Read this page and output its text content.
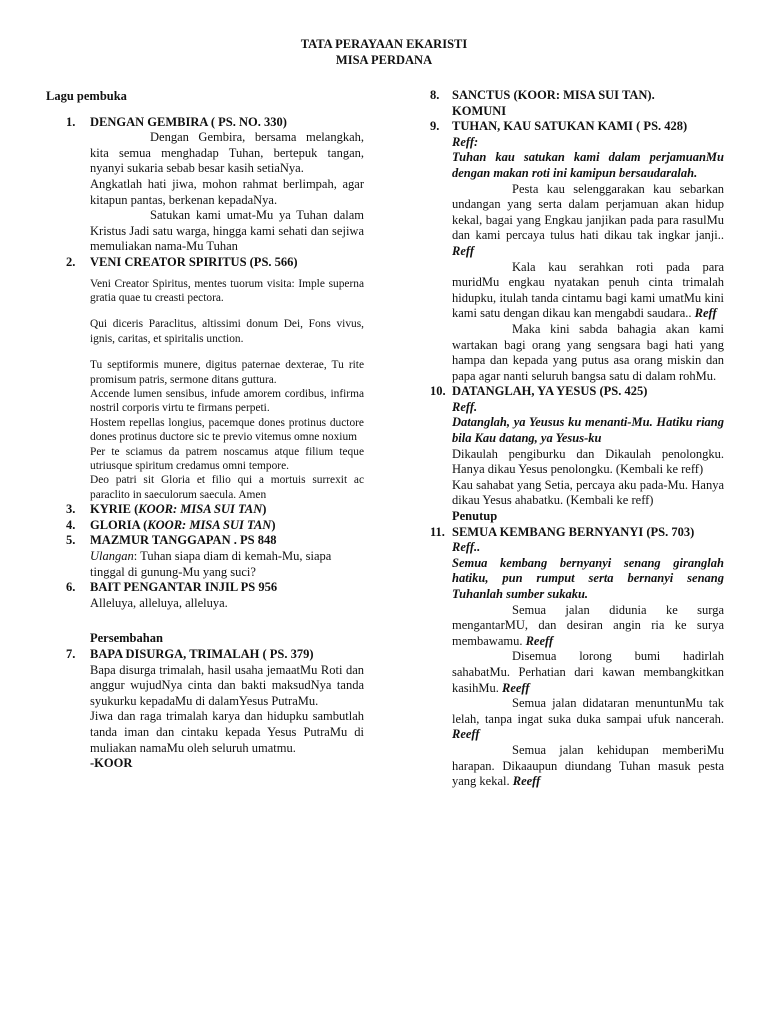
TATA PERAYAAN EKARISTI
MISA PERDANA
Lagu pembuka
1. DENGAN GEMBIRA ( PS. NO. 330)

Dengan Gembira, bersama melangkah, kita semua menghadap Tuhan, bertepuk tangan, nyanyi sukaria sebab besar kasih setiaNya.

Angkatlah hati jiwa, mohon rahmat berlimpah, agar kitapun pantas, berkenan kepadaNya.

Satukan kami umat-Mu ya Tuhan dalam Kristus Jadi satu warga, hingga kami sehati dan sejiwa memuliakan nama-Mu Tuhan

2. VENI CREATOR SPIRITUS (PS. 566)

Veni Creator Spiritus, mentes tuorum visita: Imple superna gratia quae tu creasti pectora.

Qui diceris Paraclitus, altissimi donum Dei, Fons vivus, ignis, caritas, et spiritalis unction.

Tu septiformis munere, digitus paternae dexterae, Tu rite promisum patris, sermone ditans guttura.

Accende lumen sensibus, infude amorem cordibus, infirma nostril corporis virtu te firmans perpeti.

Hostem repellas longius, pacemque dones protinus ductore dones protinus ductore sic te previo vitemus omne noxium

Per te sciamus da patrem noscamus atque filium teque utriusque spiritum credamus omni tempore.

Deo patri sit Gloria et filio qui a mortuis surrexit ac paraclito in saeculorum saecula. Amen

3. KYRIE (KOOR: MISA SUI TAN)
4. GLORIA (KOOR: MISA SUI TAN)
5. MAZMUR TANGGAPAN . PS 848
Ulangan: Tuhan siapa diam di kemah-Mu, siapa tinggal di gunung-Mu yang suci?
6. BAIT PENGANTAR INJIL PS 956
Alleluya, alleluya, alleluya.
Persembahan
7. BAPA DISURGA, TRIMALAH ( PS. 379)

Bapa disurga trimalah, hasil usaha jemaatMu Roti dan anggur wujudNya cinta dan bakti maksudNya tanda syukurku kepadaMu di dalamYesus PutraMu.

Jiwa dan raga trimalah karya dan hidupku sambutlah tanda iman dan cintaku kepada Yesus PutraMu di muliakan namaMu oleh seluruh umatmu.

-KOOR

8. SANCTUS (KOOR: MISA SUI TAN).
KOMUNI
9. TUHAN, KAU SATUKAN KAMI ( PS. 428)

Reff:

Tuhan kau satukan kami dalam perjamuanMu dengan makan roti ini kamipun bersaudaralah.

Pesta kau selenggarakan kau sebarkan undangan yang serta dalam perjamuan akan hidup kekal, bagai yang Engkau janjikan pada para rasulMu dan kami percaya tulus hati dikau tak ingkar janji.. Reff

Kala kau serahkan roti pada para muridMu engkau nyatakan penuh cinta trimalah hidupku, itulah tanda cintamu bagi kami umatMu kini kami satu dengan dikau kan mengabdi saudara.. Reff

Maka kini sabda bahagia akan kami wartakan bagi orang yang sengsara bagi hati yang hampa dan kepada yang putus asa orang miskin dan papa agar nanti seluruh bangsa satu di dalam rohMu.

10. DATANGLAH, YA YESUS (PS. 425)

Reff.

Datanglah, ya Yeusus ku menanti-Mu. Hatiku riang bila Kau datang, ya Yesus-ku

Dikaulah pengiburku dan Dikaulah penolongku. Hanya dikau Yesus penolongku. (Kembali ke reff)

Kau sahabat yang Setia, percaya aku pada-Mu. Hanya dikau Yesus ahabatku. (Kembali ke reff)

Penutup
11. SEMUA KEMBANG BERNYANYI (PS. 703)

Reff..

Semua kembang bernyanyi senang giranglah hatiku, pun rumput serta bernanyi senang Tuhanlah sumber sukaku.

Semua jalan didunia ke surga mengantarMU, dan desiran angin ria ke surya membawamu. Reeff

Disemua lorong bumi hadirlah sahabatMu. Perhatian dari kawan membangkitkan kasihMu. Reeff

Semua jalan didataran menuntunMu tak lelah, tanpa ingat suka duka sampai ufuk nancerah. Reeff

Semua jalan kehidupan memberiMu harapan. Dikaaupun diundang Tuhan masuk pesta yang kekal. Reeff
